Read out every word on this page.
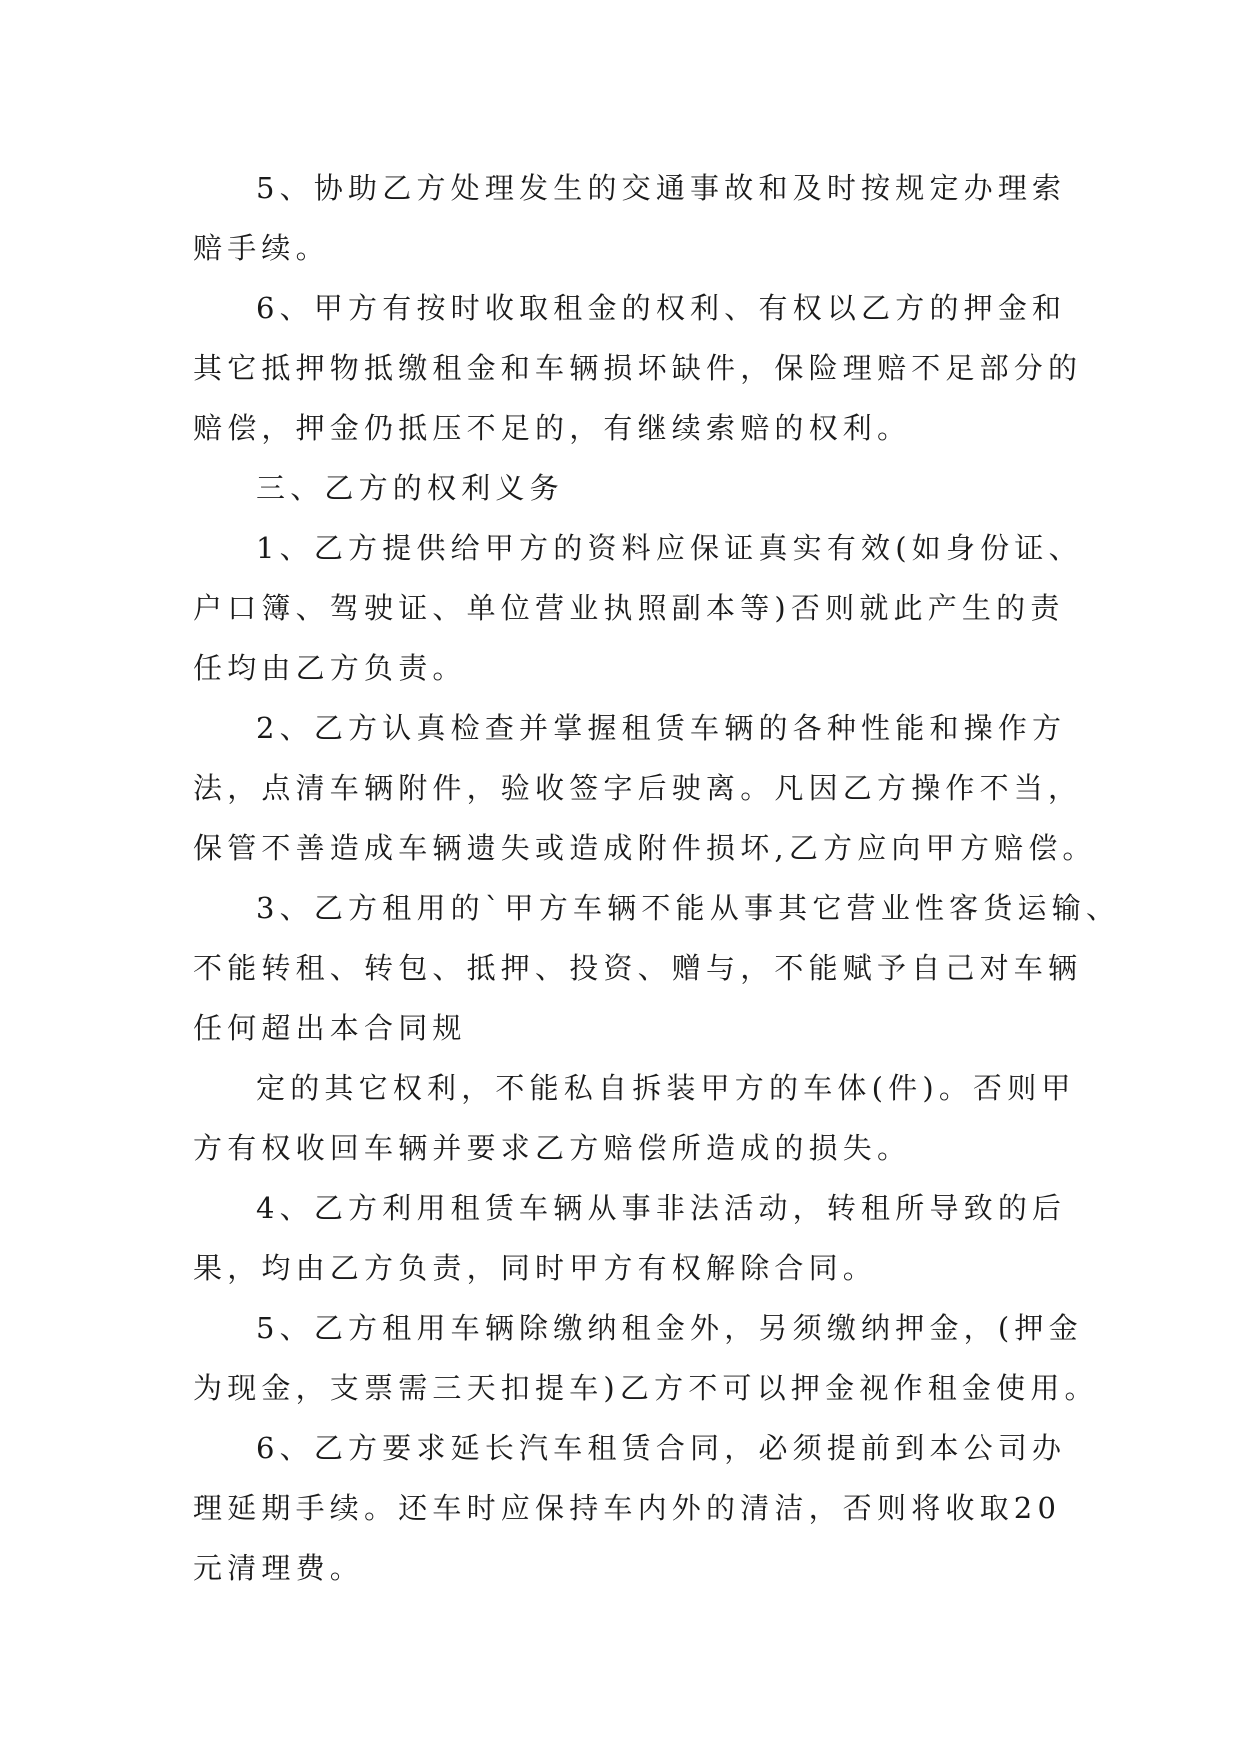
5、协助乙方处理发生的交通事故和及时按规定办理索
赔手续。
6、甲方有按时收取租金的权利、有权以乙方的押金和
其它抵押物抵缴租金和车辆损坏缺件，保险理赔不足部分的
赔偿，押金仍抵压不足的，有继续索赔的权利。
三、乙方的权利义务
1、乙方提供给甲方的资料应保证真实有效(如身份证、
户口簿、驾驶证、单位营业执照副本等)否则就此产生的责
任均由乙方负责。
2、乙方认真检查并掌握租赁车辆的各种性能和操作方
法，点清车辆附件，验收签字后驶离。凡因乙方操作不当，
保管不善造成车辆遗失或造成附件损坏,乙方应向甲方赔偿。
3、乙方租用的`甲方车辆不能从事其它营业性客货运输、
不能转租、转包、抵押、投资、赠与，不能赋予自己对车辆
任何超出本合同规
定的其它权利，不能私自拆装甲方的车体(件)。否则甲
方有权收回车辆并要求乙方赔偿所造成的损失。
4、乙方利用租赁车辆从事非法活动，转租所导致的后
果，均由乙方负责，同时甲方有权解除合同。
5、乙方租用车辆除缴纳租金外，另须缴纳押金，(押金
为现金，支票需三天扣提车)乙方不可以押金视作租金使用。
6、乙方要求延长汽车租赁合同，必须提前到本公司办
理延期手续。还车时应保持车内外的清洁，否则将收取20
元清理费。
